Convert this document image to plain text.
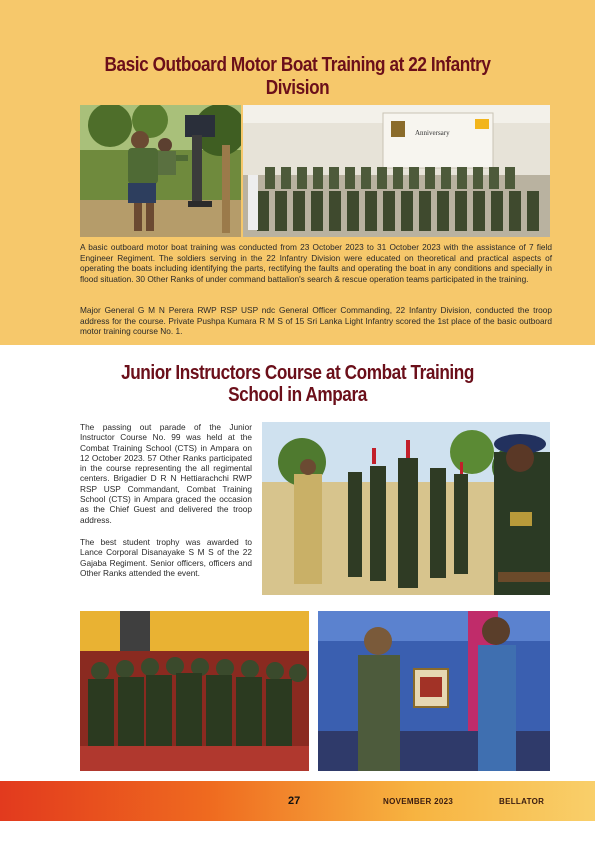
Basic Outboard Motor Boat Training at 22 Infantry Division
Anniversary
A basic outboard motor boat training was conducted from 23 October 2023 to 31 October 2023 with the assistance of 7 field Engineer Regiment. The soldiers serving in the 22 Infantry Division were educated on theoretical and practical aspects of operating the boats including identifying the parts, rectifying the faults and operating the boat in any conditions and specially in flood situation. 30 Other Ranks of under command battalion's search & rescue operation teams participated in the training.
Major General G M N Perera RWP RSP USP ndc General Officer Commanding, 22 Infantry Division, conducted the troop address for the course. Private Pushpa Kumara R M S of 15 Sri Lanka Light Infantry scored the 1st place of the basic outboard motor training course No. 1.
Junior Instructors Course at Combat Training School in Ampara
The passing out parade of the Junior Instructor Course No. 99 was held at the Combat Training School (CTS) in Ampara on 12 October 2023. 57 Other Ranks participated in the course representing the all regimental centers. Brigadier D R N Hettiarachchi RWP RSP USP Commandant, Combat Training School (CTS) in Ampara graced the occasion as the Chief Guest and delivered the troop address.
The best student trophy was awarded to Lance Corporal Disanayake S M S of the 22 Gajaba Regiment. Senior officers, officers and Other Ranks attended the event.
27	NOVEMBER 2023	BELLATOR
